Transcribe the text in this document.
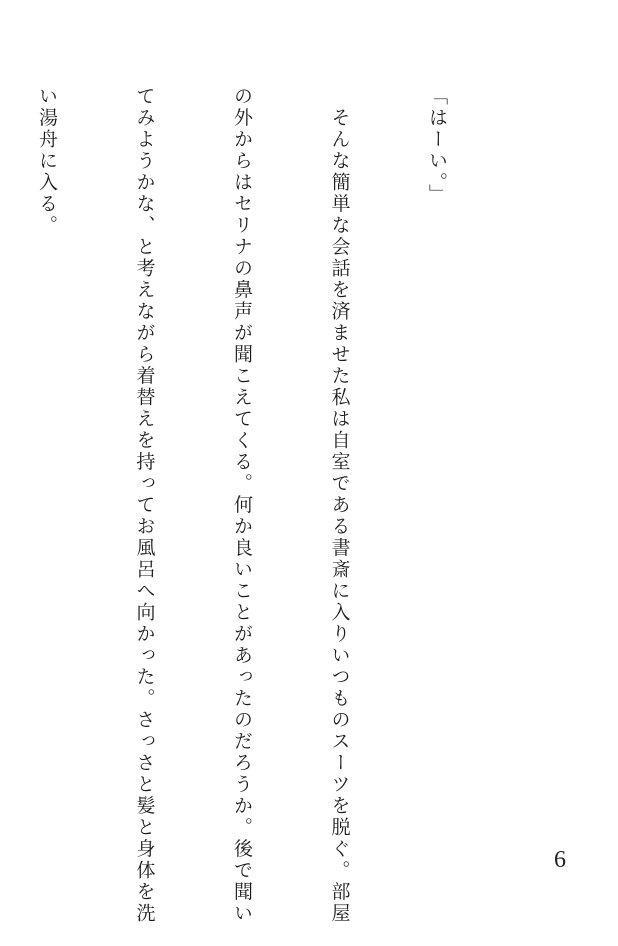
「はーい。」

　そんな簡単な会話を済ませた私は自室である書斎に入りいつものスーツを脱ぐ。部屋

の外からはセリナの鼻声が聞こえてくる。何か良いことがあったのだろうか。後で聞い

てみようかな、と考えながら着替えを持ってお風呂へ向かった。さっさと髪と身体を洗

い湯舟に入る。

6
